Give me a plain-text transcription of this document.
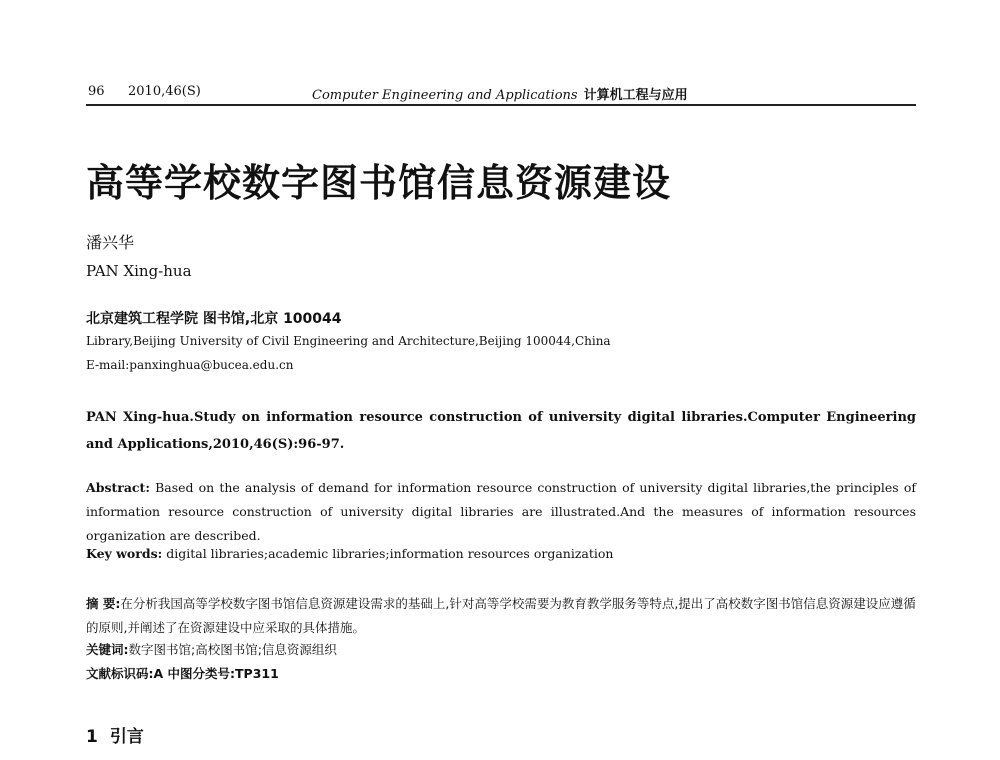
96 2010,46(S)	Computer Engineering and Applications 计算机工程与应用
高等学校数字图书馆信息资源建设
潘兴华
PAN Xing-hua
北京建筑工程学院 图书馆,北京 100044
Library,Beijing University of Civil Engineering and Architecture,Beijing 100044,China
E-mail:panxinghua@bucea.edu.cn
PAN Xing-hua.Study on information resource construction of university digital libraries.Computer Engineering and Applications,2010,46(S):96-97.
Abstract: Based on the analysis of demand for information resource construction of university digital libraries,the principles of information resource construction of university digital libraries are illustrated.And the measures of information resources organization are described.
Key words: digital libraries;academic libraries;information resources organization
摘 要:在分析我国高等学校数字图书馆信息资源建设需求的基础上,针对高等学校需要为教育教学服务等特点,提出了高校数字图书馆信息资源建设应遵循的原则,并阐述了在资源建设中应采取的具体措施。
关键词:数字图书馆;高校图书馆;信息资源组织
文献标识码:A 中图分类号:TP311
1 引言
